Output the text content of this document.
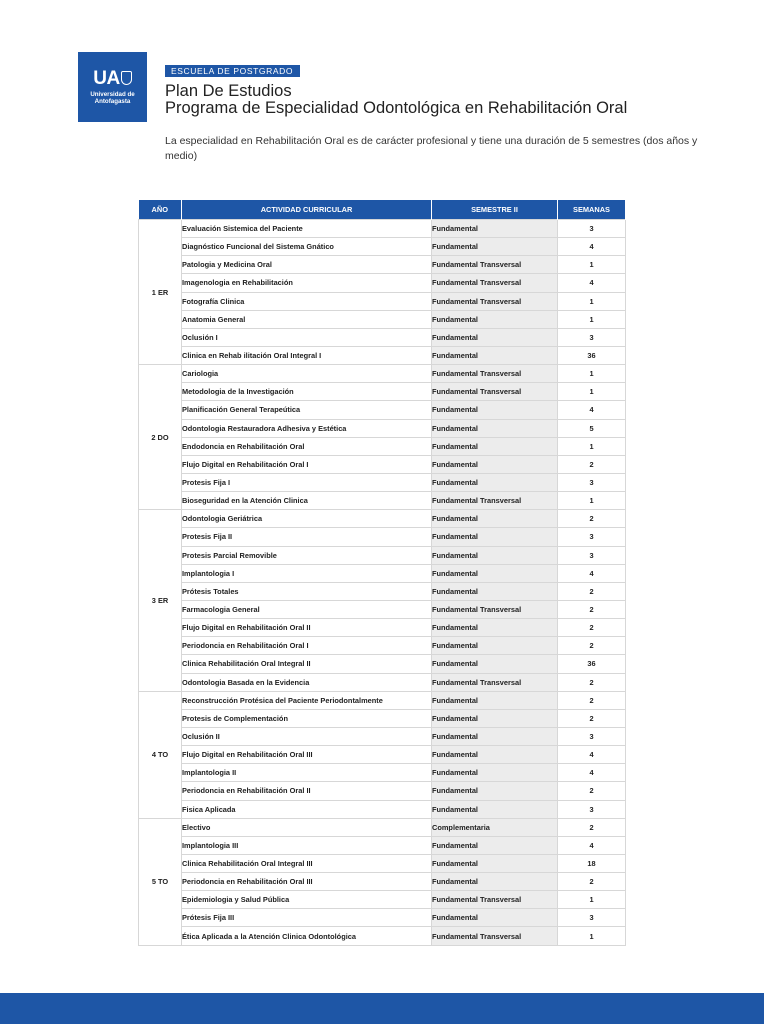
UA
Universidad de Antofagasta
ESCUELA DE POSTGRADO
Plan De Estudios
Programa de Especialidad Odontológica en Rehabilitación Oral
La especialidad en Rehabilitación Oral es de carácter profesional y tiene una duración de 5 semestres (dos años y medio)
AÑO	ACTIVIDAD CURRICULAR	SEMESTRE II	SEMANAS
1 ER	Evaluación Sistemica del Paciente	Fundamental	3
	Diagnóstico Funcional del Sistema Gnático	Fundamental	4
	Patologia y Medicina Oral	Fundamental Transversal	1
	Imagenologia en Rehabilitación	Fundamental Transversal	4
	Fotografía Clinica	Fundamental Transversal	1
	Anatomia General	Fundamental	1
	Oclusión I	Fundamental	3
	Clinica en Rehab ilitación Oral Integral I	Fundamental	36
2 DO	Cariologia	Fundamental Transversal	1
	Metodologia de la Investigación	Fundamental Transversal	1
	Planificación General Terapeútica	Fundamental	4
	Odontologia Restauradora Adhesiva y Estética	Fundamental	5
	Endodoncia en Rehabilitación Oral	Fundamental	1
	Flujo Digital en Rehabilitación Oral I	Fundamental	2
	Protesis Fija I	Fundamental	3
	Bioseguridad en la Atención Clinica	Fundamental Transversal	1
3 ER	Odontologia Geriátrica	Fundamental	2
	Protesis Fija II	Fundamental	3
	Protesis Parcial Removible	Fundamental	3
	Implantologia I	Fundamental	4
	Prótesis Totales	Fundamental	2
	Farmacologia General	Fundamental Transversal	2
	Flujo Digital en Rehabilitación Oral II	Fundamental	2
	Periodoncia en Rehabilitación Oral I	Fundamental	2
	Clinica Rehabilitación Oral Integral II	Fundamental	36
	Odontologia Basada en la Evidencia	Fundamental Transversal	2
4 TO	Reconstrucción Protésica del Paciente Periodontalmente	Fundamental	2
	Protesis de Complementación	Fundamental	2
	Oclusión II	Fundamental	3
	Flujo Digital en Rehabilitación Oral III	Fundamental	4
	Implantologia II	Fundamental	4
	Periodoncia en Rehabilitación Oral II	Fundamental	2
	Fisica Aplicada	Fundamental	3
5 TO	Electivo	Complementaria	2
	Implantologia III	Fundamental	4
	Clinica Rehabilitación Oral Integral III	Fundamental	18
	Periodoncia en Rehabilitación Oral III	Fundamental	2
	Epidemiologia y Salud Pública	Fundamental Transversal	1
	Prótesis Fija III	Fundamental	3
	Ética Aplicada a la Atención Clinica Odontológica	Fundamental Transversal	1
